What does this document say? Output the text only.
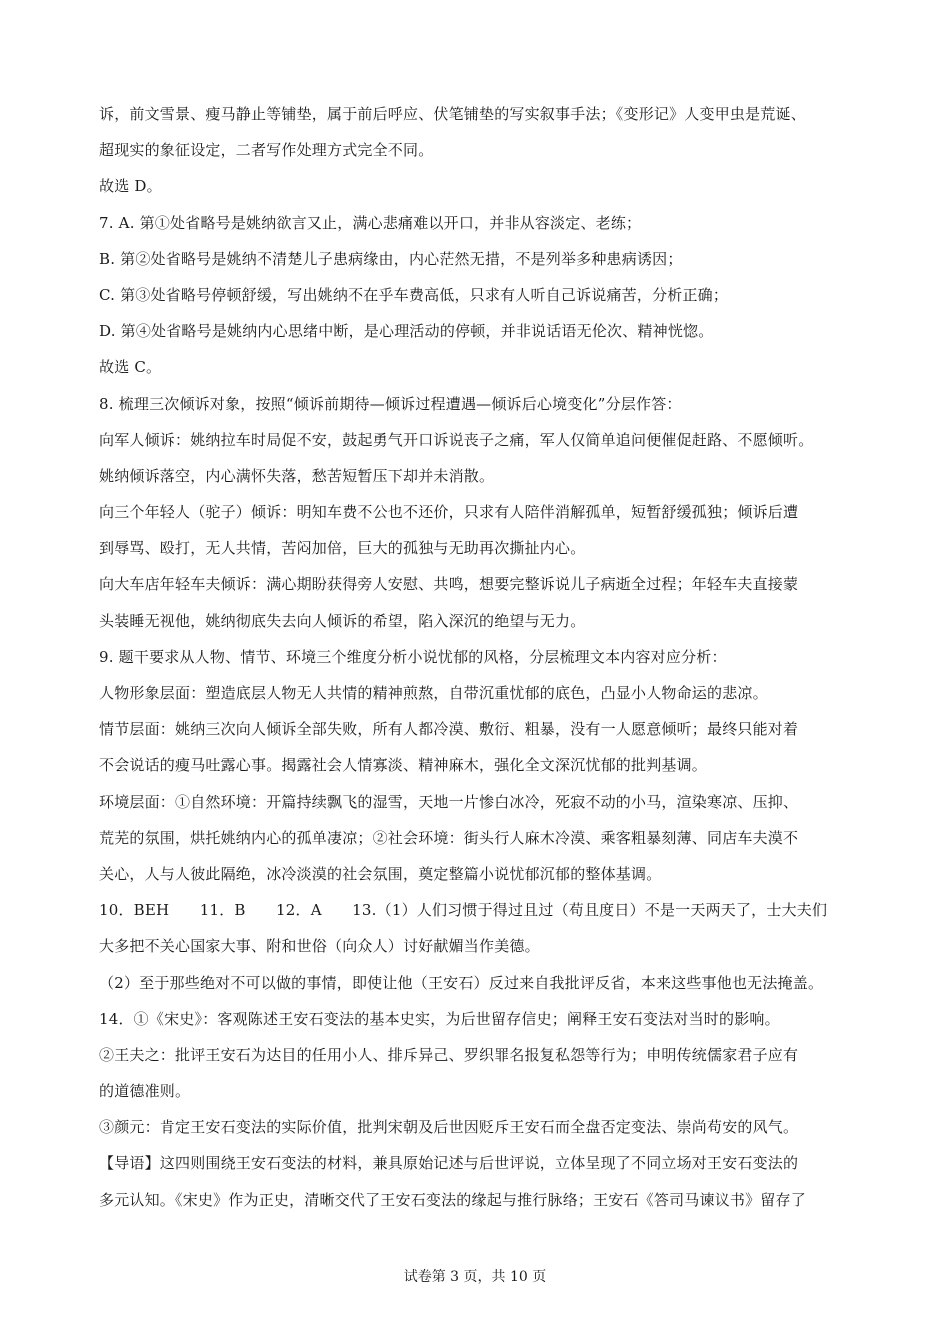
诉，前文雪景、瘦马静止等铺垫，属于前后呼应、伏笔铺垫的写实叙事手法；《变形记》人变甲虫是荒诞、
超现实的象征设定，二者写作处理方式完全不同。
故选 D。
7. A. 第①处省略号是姚纳欲言又止，满心悲痛难以开口，并非从容淡定、老练；
B. 第②处省略号是姚纳不清楚儿子患病缘由，内心茫然无措，不是列举多种患病诱因；
C. 第③处省略号停顿舒缓，写出姚纳不在乎车费高低，只求有人听自己诉说痛苦，分析正确；
D. 第④处省略号是姚纳内心思绪中断，是心理活动的停顿，并非说话语无伦次、精神恍惚。
故选 C。
8. 梳理三次倾诉对象，按照“倾诉前期待—倾诉过程遭遇—倾诉后心境变化”分层作答：
向军人倾诉：姚纳拉车时局促不安，鼓起勇气开口诉说丧子之痛，军人仅简单追问便催促赶路、不愿倾听。
姚纳倾诉落空，内心满怀失落，愁苦短暂压下却并未消散。
向三个年轻人（驼子）倾诉：明知车费不公也不还价，只求有人陪伴消解孤单，短暂舒缓孤独；倾诉后遭
到辱骂、殴打，无人共情，苦闷加倍，巨大的孤独与无助再次撕扯内心。
向大车店年轻车夫倾诉：满心期盼获得旁人安慰、共鸣，想要完整诉说儿子病逝全过程；年轻车夫直接蒙
头装睡无视他，姚纳彻底失去向人倾诉的希望，陷入深沉的绝望与无力。
9. 题干要求从人物、情节、环境三个维度分析小说忧郁的风格，分层梳理文本内容对应分析：
人物形象层面：塑造底层人物无人共情的精神煎熬，自带沉重忧郁的底色，凸显小人物命运的悲凉。
情节层面：姚纳三次向人倾诉全部失败，所有人都冷漠、敷衍、粗暴，没有一人愿意倾听；最终只能对着
不会说话的瘦马吐露心事。揭露社会人情寡淡、精神麻木，强化全文深沉忧郁的批判基调。
环境层面：①自然环境：开篇持续飘飞的湿雪，天地一片惨白冰冷，死寂不动的小马，渲染寒凉、压抑、
荒芜的氛围，烘托姚纳内心的孤单凄凉；②社会环境：街头行人麻木冷漠、乘客粗暴刻薄、同店车夫漠不
关心，人与人彼此隔绝，冰冷淡漠的社会氛围，奠定整篇小说忧郁沉郁的整体基调。
10．BEH　　11．B　　12．A　　13.（1）人们习惯于得过且过（苟且度日）不是一天两天了，士大夫们
大多把不关心国家大事、附和世俗（向众人）讨好献媚当作美德。
（2）至于那些绝对不可以做的事情，即使让他（王安石）反过来自我批评反省，本来这些事他也无法掩盖。
14．①《宋史》：客观陈述王安石变法的基本史实，为后世留存信史；阐释王安石变法对当时的影响。
②王夫之：批评王安石为达目的任用小人、排斥异己、罗织罪名报复私怨等行为；申明传统儒家君子应有
的道德准则。
③颜元：肯定王安石变法的实际价值，批判宋朝及后世因贬斥王安石而全盘否定变法、崇尚苟安的风气。
【导语】这四则围绕王安石变法的材料，兼具原始记述与后世评说，立体呈现了不同立场对王安石变法的
多元认知。《宋史》作为正史，清晰交代了王安石变法的缘起与推行脉络；王安石《答司马谏议书》留存了
试卷第 3 页，共 10 页
